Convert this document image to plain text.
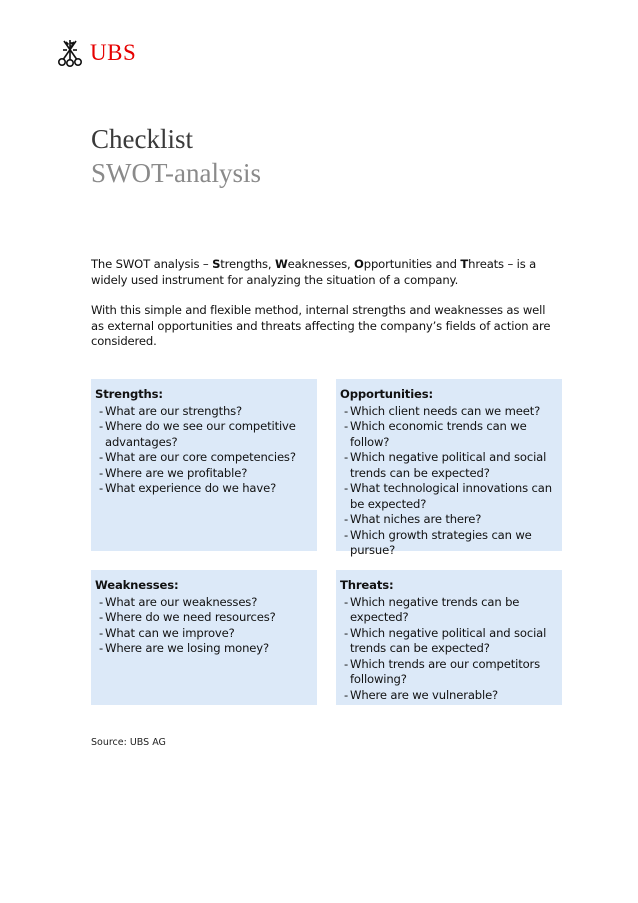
UBS
Checklist
SWOT-analysis

The SWOT analysis – Strengths, Weaknesses, Opportunities and Threats – is a widely used instrument for analyzing the situation of a company.

With this simple and flexible method, internal strengths and weaknesses as well as external opportunities and threats affecting the company’s fields of action are considered.

Strengths:
- What are our strengths?
- Where do we see our competitive advantages?
- What are our core competencies?
- Where are we profitable?
- What experience do we have?
Opportunities:
- Which client needs can we meet?
- Which economic trends can we follow?
- Which negative political and social trends can be expected?
- What technological innovations can be expected?
- What niches are there?
- Which growth strategies can we pursue?
Weaknesses:
- What are our weaknesses?
- Where do we need resources?
- What can we improve?
- Where are we losing money?
Threats:
- Which negative trends can be expected?
- Which negative political and social trends can be expected?
- Which trends are our competitors following?
- Where are we vulnerable?
Source: UBS AG
